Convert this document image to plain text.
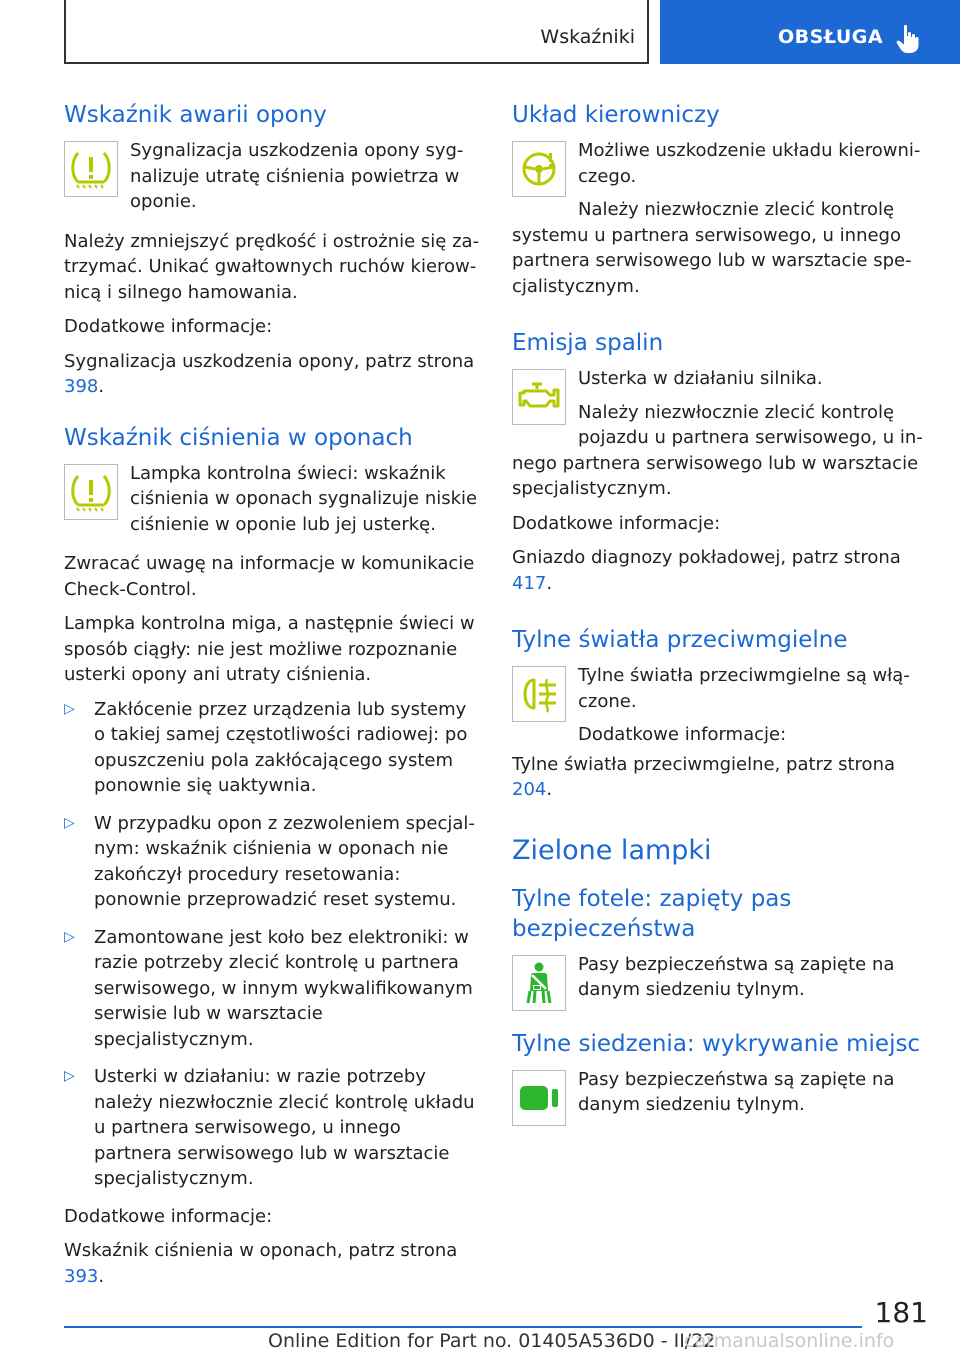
Wskaźniki	OBSŁUGA
Wskaźnik awarii opony

Sygnalizacja uszkodzenia opony sygnalizuje utratę ciśnienia powietrza w oponie.

Należy zmniejszyć prędkość i ostrożnie się zatrzymać. Unikać gwałtownych ruchów kierownicą i silnego hamowania.

Dodatkowe informacje:

Sygnalizacja uszkodzenia opony, patrz strona 398.

Wskaźnik ciśnienia w oponach

Lampka kontrolna świeci: wskaźnik ciśnienia w oponach sygnalizuje niskie ciśnienie w oponie lub jej usterkę.

Zwracać uwagę na informacje w komunikacie Check-Control.

Lampka kontrolna miga, a następnie świeci w sposób ciągły: nie jest możliwe rozpoznanie usterki opony ani utraty ciśnienia.

▷ Zakłócenie przez urządzenia lub systemy o takiej samej częstotliwości radiowej: po opuszczeniu pola zakłócającego system ponownie się uaktywnia.
▷ W przypadku opon z zezwoleniem specjalnym: wskaźnik ciśnienia w oponach nie zakończył procedury resetowania: ponownie przeprowadzić reset systemu.
▷ Zamontowane jest koło bez elektroniki: w razie potrzeby zlecić kontrolę u partnera serwisowego, w innym wykwalifikowanym serwisie lub w warsztacie specjalistycznym.
▷ Usterki w działaniu: w razie potrzeby należy niezwłocznie zlecić kontrolę układu u partnera serwisowego, u innego partnera serwisowego lub w warsztacie specjalistycznym.

Dodatkowe informacje:

Wskaźnik ciśnienia w oponach, patrz strona 393.

Układ kierowniczy

Możliwe uszkodzenie układu kierowniczego.

Należy niezwłocznie zlecić kontrolę

systemu u partnera serwisowego, u innego partnera serwisowego lub w warsztacie specjalistycznym.

Emisja spalin

Usterka w działaniu silnika.

Należy niezwłocznie zlecić kontrolę pojazdu u partnera serwisowego, u in-

nego partnera serwisowego lub w warsztacie specjalistycznym.

Dodatkowe informacje:

Gniazdo diagnozy pokładowej, patrz strona 417.

Tylne światła przeciwmgielne

Tylne światła przeciwmgielne są włączone.

Dodatkowe informacje:

Tylne światła przeciwmgielne, patrz strona 204.

Zielone lampki
Tylne fotele: zapięty pas bezpieczeństwa

Pasy bezpieczeństwa są zapięte na danym siedzeniu tylnym.

Tylne siedzenia: wykrywanie miejsc

Pasy bezpieczeństwa są zapięte na danym siedzeniu tylnym.

181
Online Edition for Part no. 01405A536D0 - II/22
carmanualsonline.info
